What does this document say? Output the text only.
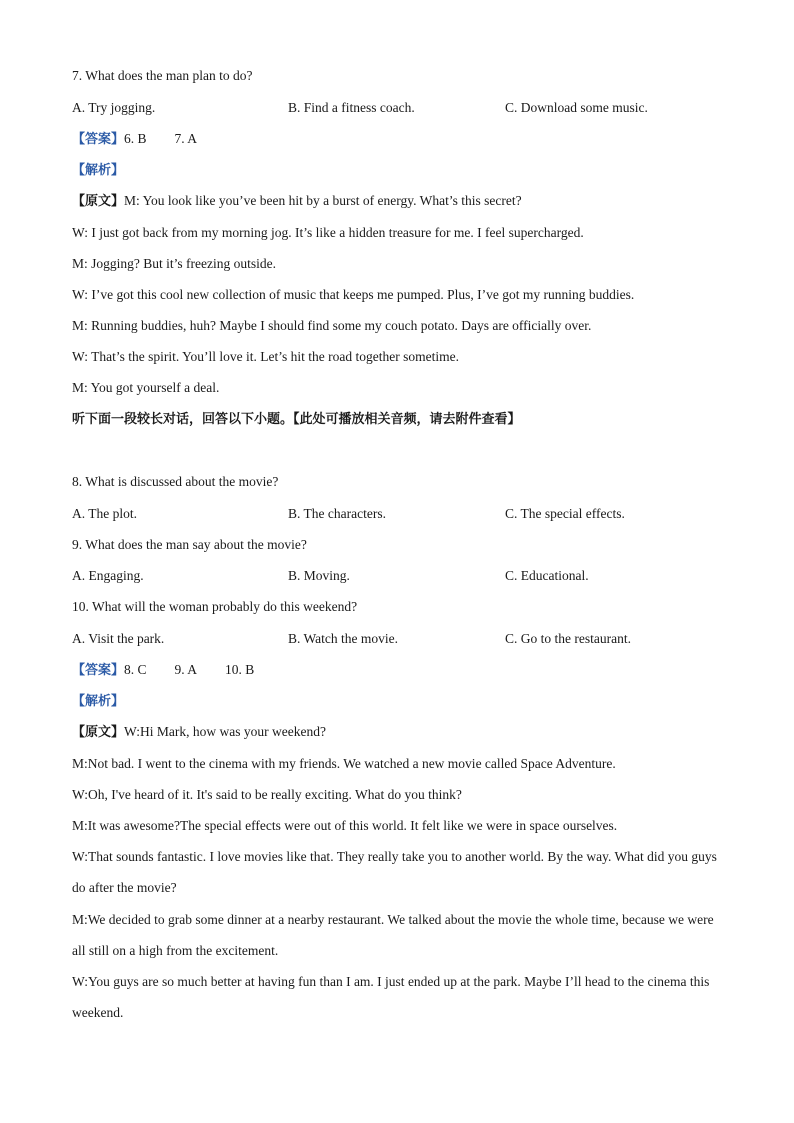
7. What does the man plan to do?
A. Try jogging.	B. Find a fitness coach.	C. Download some music.
【答案】6. B 7. A
【解析】
【原文】M: You look like you’ve been hit by a burst of energy. What’s this secret?
W: I just got back from my morning jog. It’s like a hidden treasure for me. I feel supercharged.
M: Jogging? But it’s freezing outside.
W: I’ve got this cool new collection of music that keeps me pumped. Plus, I’ve got my running buddies.
M: Running buddies, huh? Maybe I should find some my couch potato. Days are officially over.
W: That’s the spirit. You’ll love it. Let’s hit the road together sometime.
M: You got yourself a deal.
听下面一段较长对话，回答以下小题。【此处可播放相关音频，请去附件查看】
8. What is discussed about the movie?
A. The plot.	B. The characters.	C. The special effects.
9. What does the man say about the movie?
A. Engaging.	B. Moving.	C. Educational.
10. What will the woman probably do this weekend?
A. Visit the park.	B. Watch the movie.	C. Go to the restaurant.
【答案】8. C 9. A 10. B
【解析】
【原文】W:Hi Mark, how was your weekend?
M:Not bad. I went to the cinema with my friends. We watched a new movie called Space Adventure.
W:Oh, I've heard of it. It's said to be really exciting. What do you think?
M:It was awesome?The special effects were out of this world. It felt like we were in space ourselves.
W:That sounds fantastic. I love movies like that. They really take you to another world. By the way. What did you guys do after the movie?
M:We decided to grab some dinner at a nearby restaurant. We talked about the movie the whole time, because we were all still on a high from the excitement.
W:You guys are so much better at having fun than I am. I just ended up at the park. Maybe I’ll head to the cinema this weekend.
